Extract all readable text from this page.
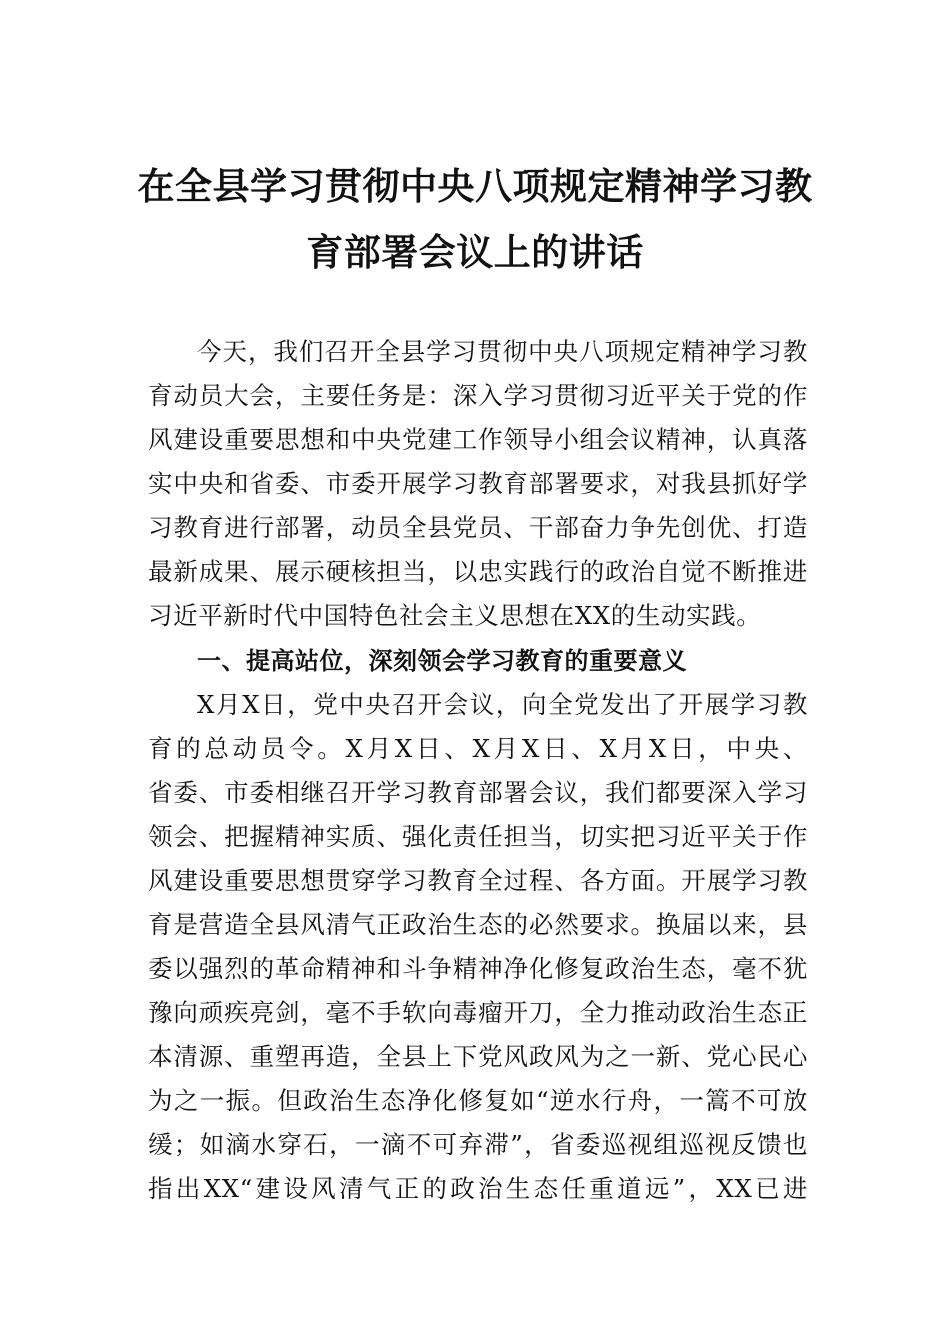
在全县学习贯彻中央八项规定精神学习教
育部署会议上的讲话
今天，我们召开全县学习贯彻中央八项规定精神学习教
育动员大会，主要任务是：深入学习贯彻习近平关于党的作
风建设重要思想和中央党建工作领导小组会议精神，认真落
实中央和省委、市委开展学习教育部署要求，对我县抓好学
习教育进行部署，动员全县党员、干部奋力争先创优、打造
最新成果、展示硬核担当，以忠实践行的政治自觉不断推进
习近平新时代中国特色社会主义思想在XX的生动实践。
一、提高站位，深刻领会学习教育的重要意义
X月X日，党中央召开会议，向全党发出了开展学习教
育的总动员令。X月X日、X月X日、X月X日，中央、
省委、市委相继召开学习教育部署会议，我们都要深入学习
领会、把握精神实质、强化责任担当，切实把习近平关于作
风建设重要思想贯穿学习教育全过程、各方面。开展学习教
育是营造全县风清气正政治生态的必然要求。换届以来，县
委以强烈的革命精神和斗争精神净化修复政治生态，毫不犹
豫向顽疾亮剑，毫不手软向毒瘤开刀，全力推动政治生态正
本清源、重塑再造，全县上下党风政风为之一新、党心民心
为之一振。但政治生态净化修复如“逆水行舟，一篙不可放
缓；如滴水穿石，一滴不可弃滞”，省委巡视组巡视反馈也
指出XX“建设风清气正的政治生态任重道远”，XX已进
